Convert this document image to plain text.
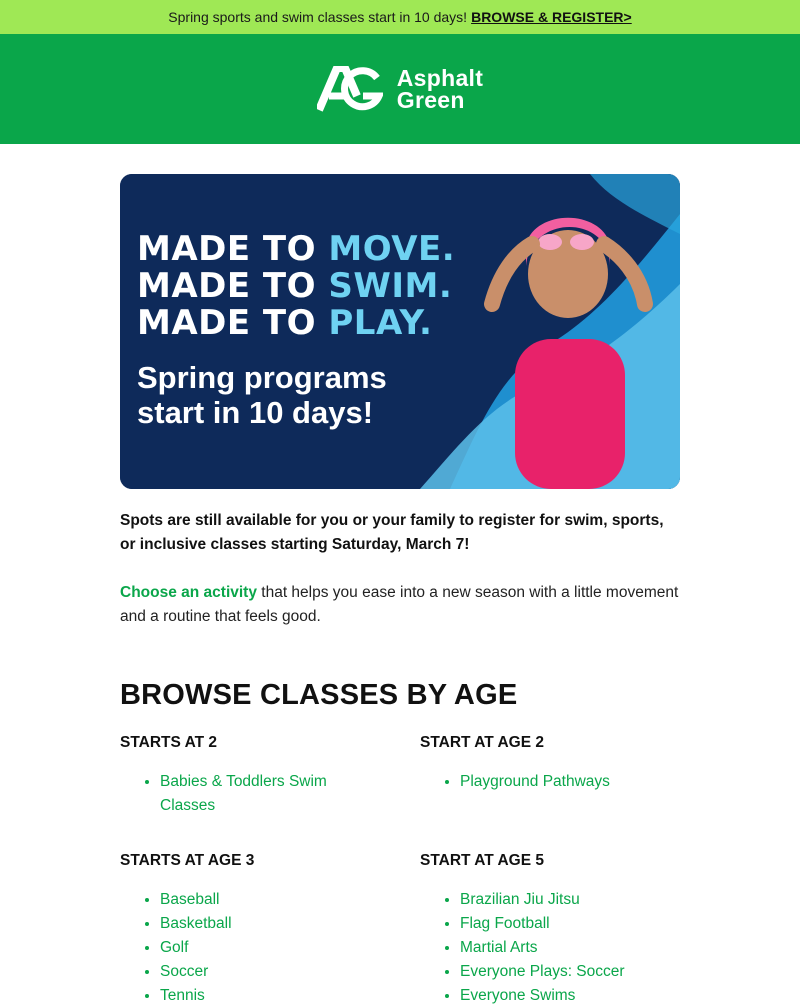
Spring sports and swim classes start in 10 days! BROWSE & REGISTER>
Asphalt
Green
MADE TO MOVE.
MADE TO SWIM.
MADE TO PLAY.
Spring programs
start in 10 days!
Spots are still available for you or your family to register for swim, sports, or inclusive classes starting Saturday, March 7!
Choose an activity that helps you ease into a new season with a little movement and a routine that feels good.
BROWSE CLASSES BY AGE
STARTS AT 2
• Babies & Toddlers Swim Classes
START AT AGE 2
• Playground Pathways
STARTS AT AGE 3
• Baseball
• Basketball
• Golf
• Soccer
• Tennis
START AT AGE 5
• Brazilian Jiu Jitsu
• Flag Football
• Martial Arts
• Everyone Plays: Soccer
• Everyone Swims
